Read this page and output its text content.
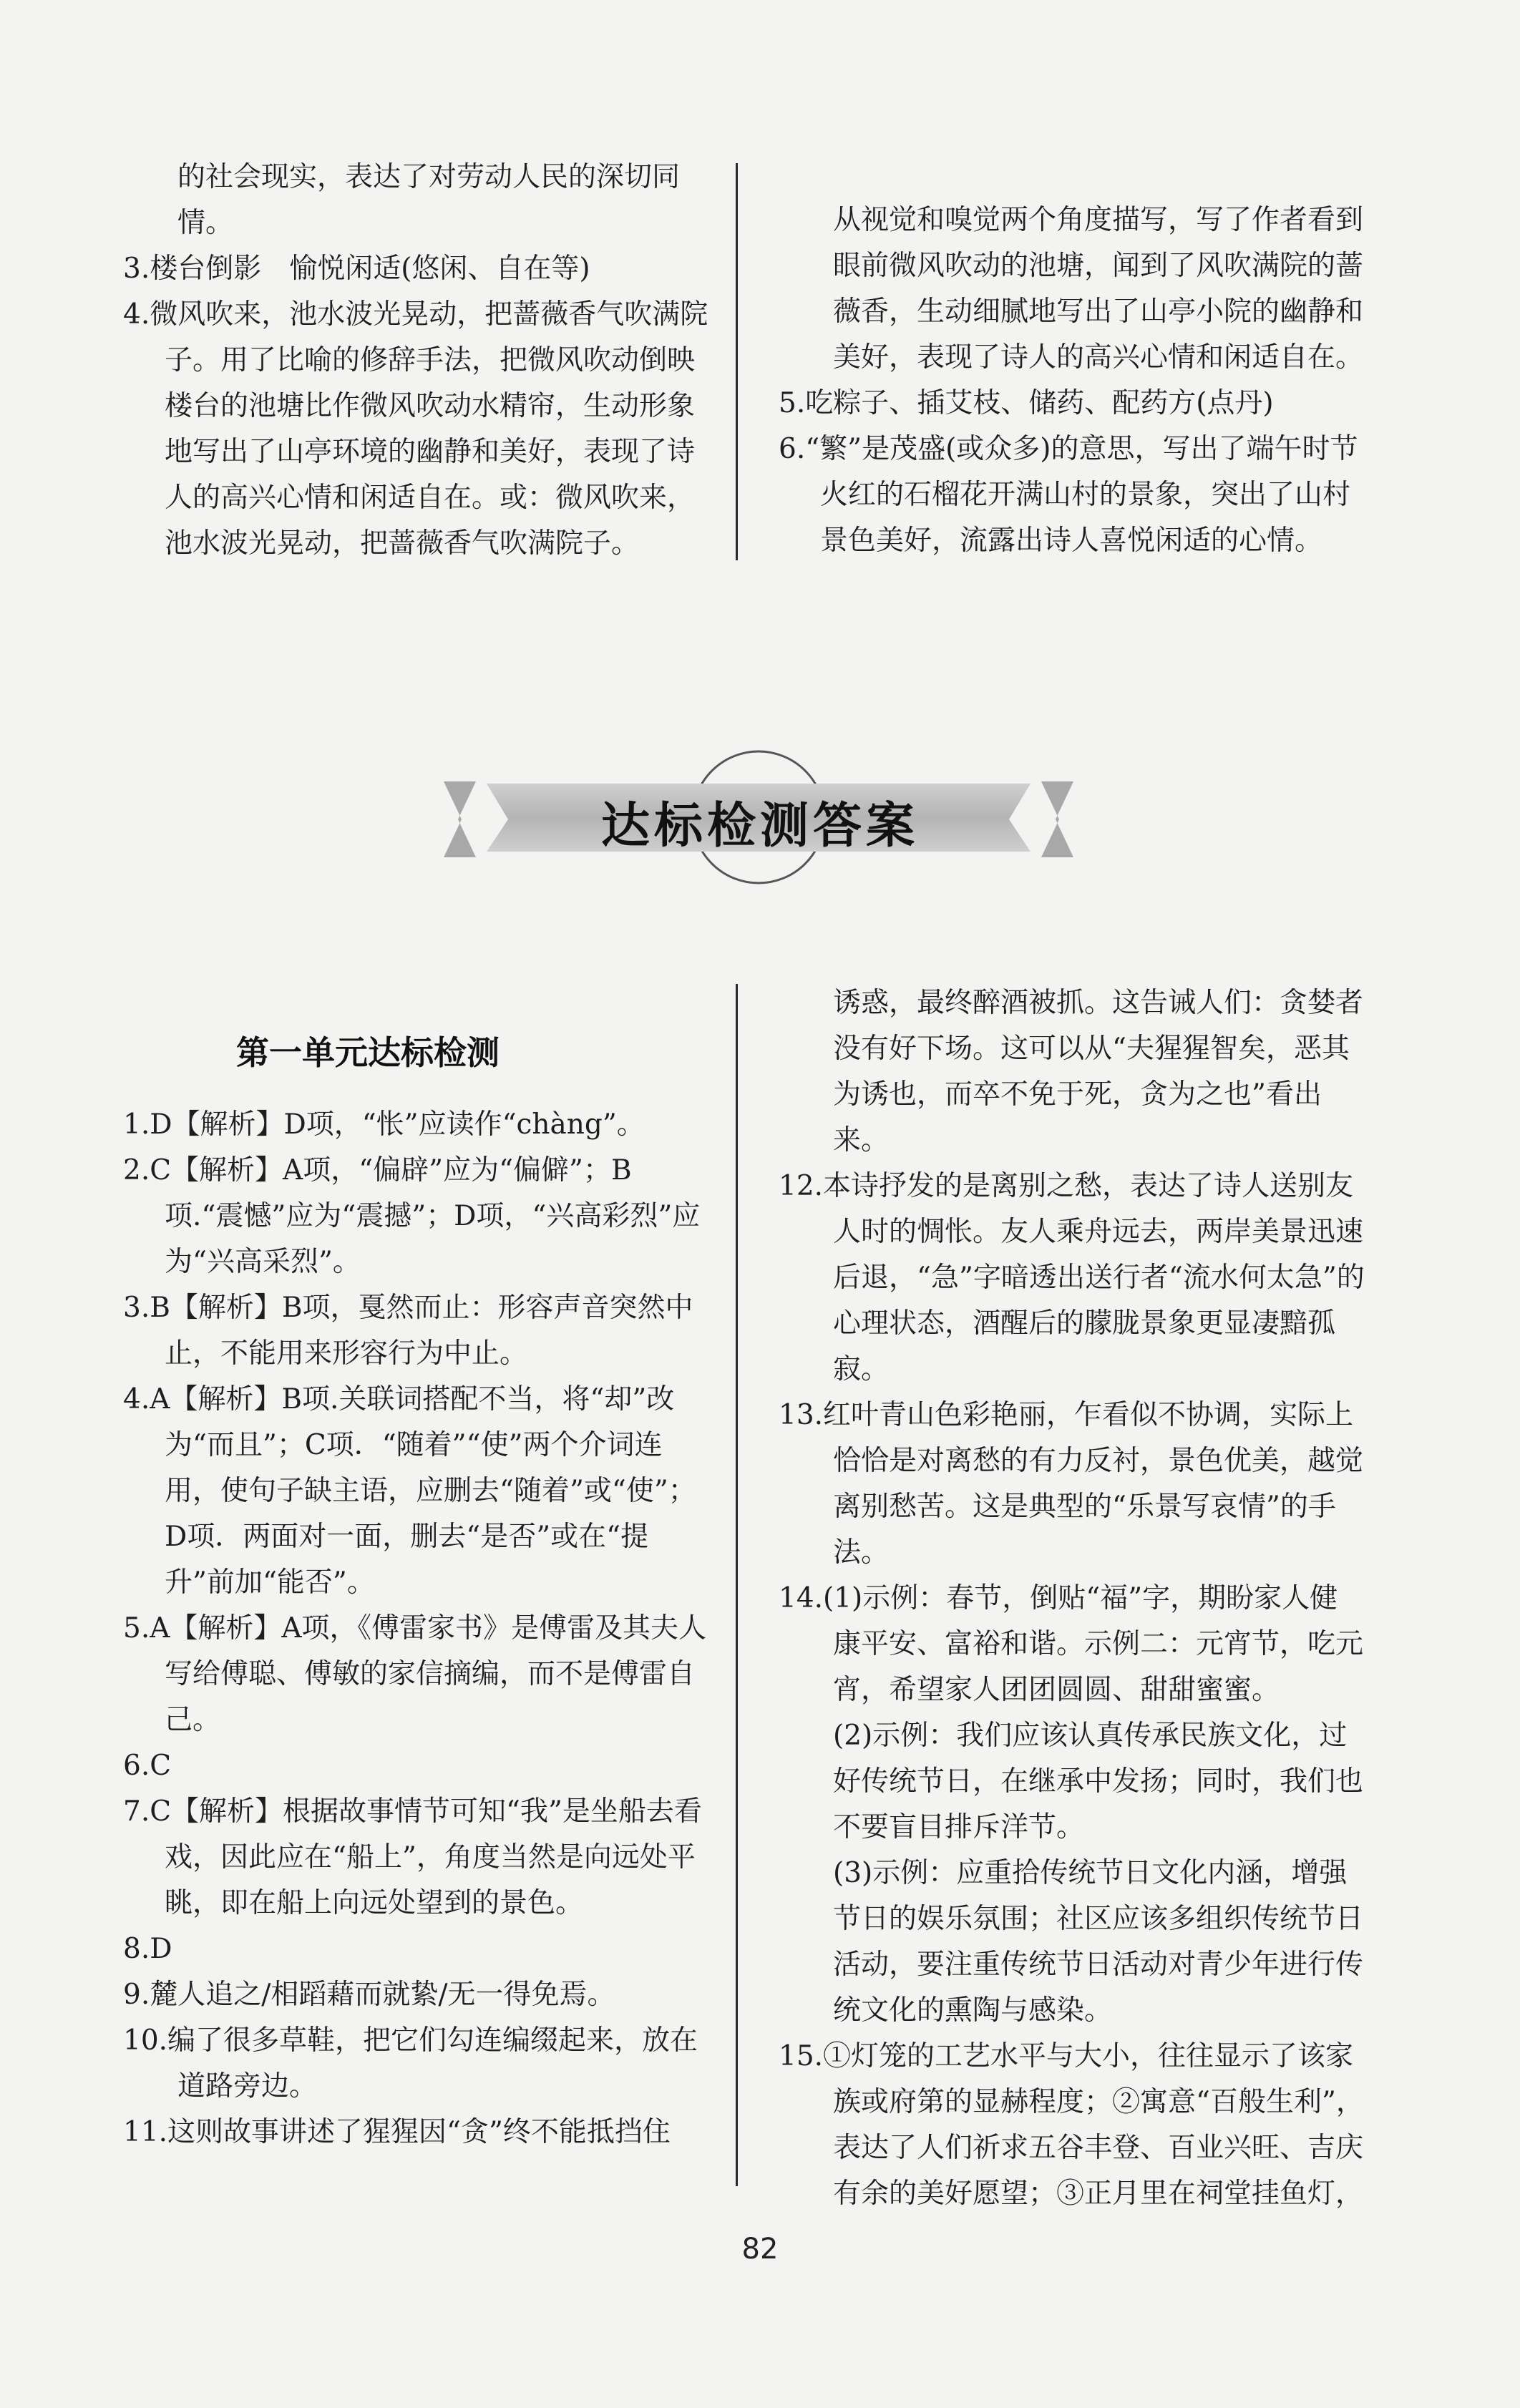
的社会现实，表达了对劳动人民的深切同情。

3.楼台倒影　愉悦闲适(悠闲、自在等)

4.微风吹来，池水波光晃动，把蔷薇香气吹满院子。用了比喻的修辞手法，把微风吹动倒映楼台的池塘比作微风吹动水精帘，生动形象地写出了山亭环境的幽静和美好，表现了诗人的高兴心情和闲适自在。或：微风吹来，池水波光晃动，把蔷薇香气吹满院子。

从视觉和嗅觉两个角度描写，写了作者看到眼前微风吹动的池塘，闻到了风吹满院的蔷薇香，生动细腻地写出了山亭小院的幽静和美好，表现了诗人的高兴心情和闲适自在。

5.吃粽子、插艾枝、储药、配药方(点丹)

6.“繁”是茂盛(或众多)的意思，写出了端午时节火红的石榴花开满山村的景象，突出了山村景色美好，流露出诗人喜悦闲适的心情。

达标检测答案
第一单元达标检测

1.D【解析】D项，“怅”应读作“chàng”。

2.C【解析】A项，“偏辟”应为“偏僻”；B项.“震憾”应为“震撼”；D项，“兴高彩烈”应为“兴高采烈”。

3.B【解析】B项，戛然而止：形容声音突然中止，不能用来形容行为中止。

4.A【解析】B项.关联词搭配不当，将“却”改为“而且”；C项．“随着”“使”两个介词连用，使句子缺主语，应删去“随着”或“使”；D项．两面对一面，删去“是否”或在“提升”前加“能否”。

5.A【解析】A项，《傅雷家书》是傅雷及其夫人写给傅聪、傅敏的家信摘编，而不是傅雷自己。

6.C

7.C【解析】根据故事情节可知“我”是坐船去看戏，因此应在“船上”，角度当然是向远处平眺，即在船上向远处望到的景色。

8.D

9.麓人追之/相蹈藉而就絷/无一得免焉。

10.编了很多草鞋，把它们勾连编缀起来，放在道路旁边。

11.这则故事讲述了猩猩因“贪”终不能抵挡住

诱惑，最终醉酒被抓。这告诫人们：贪婪者没有好下场。这可以从“夫猩猩智矣，恶其为诱也，而卒不免于死，贪为之也”看出来。

12.本诗抒发的是离别之愁，表达了诗人送别友人时的惆怅。友人乘舟远去，两岸美景迅速后退，“急”字暗透出送行者“流水何太急”的心理状态，酒醒后的朦胧景象更显凄黯孤寂。

13.红叶青山色彩艳丽，乍看似不协调，实际上恰恰是对离愁的有力反衬，景色优美，越觉离别愁苦。这是典型的“乐景写哀情”的手法。

14.(1)示例：春节，倒贴“福”字，期盼家人健康平安、富裕和谐。示例二：元宵节，吃元宵，希望家人团团圆圆、甜甜蜜蜜。

(2)示例：我们应该认真传承民族文化，过好传统节日，在继承中发扬；同时，我们也不要盲目排斥洋节。

(3)示例：应重拾传统节日文化内涵，增强节日的娱乐氛围；社区应该多组织传统节日活动，要注重传统节日活动对青少年进行传统文化的熏陶与感染。

15.①灯笼的工艺水平与大小，往往显示了该家族或府第的显赫程度；②寓意“百般生利”，表达了人们祈求五谷丰登、百业兴旺、吉庆有余的美好愿望；③正月里在祠堂挂鱼灯，

82
